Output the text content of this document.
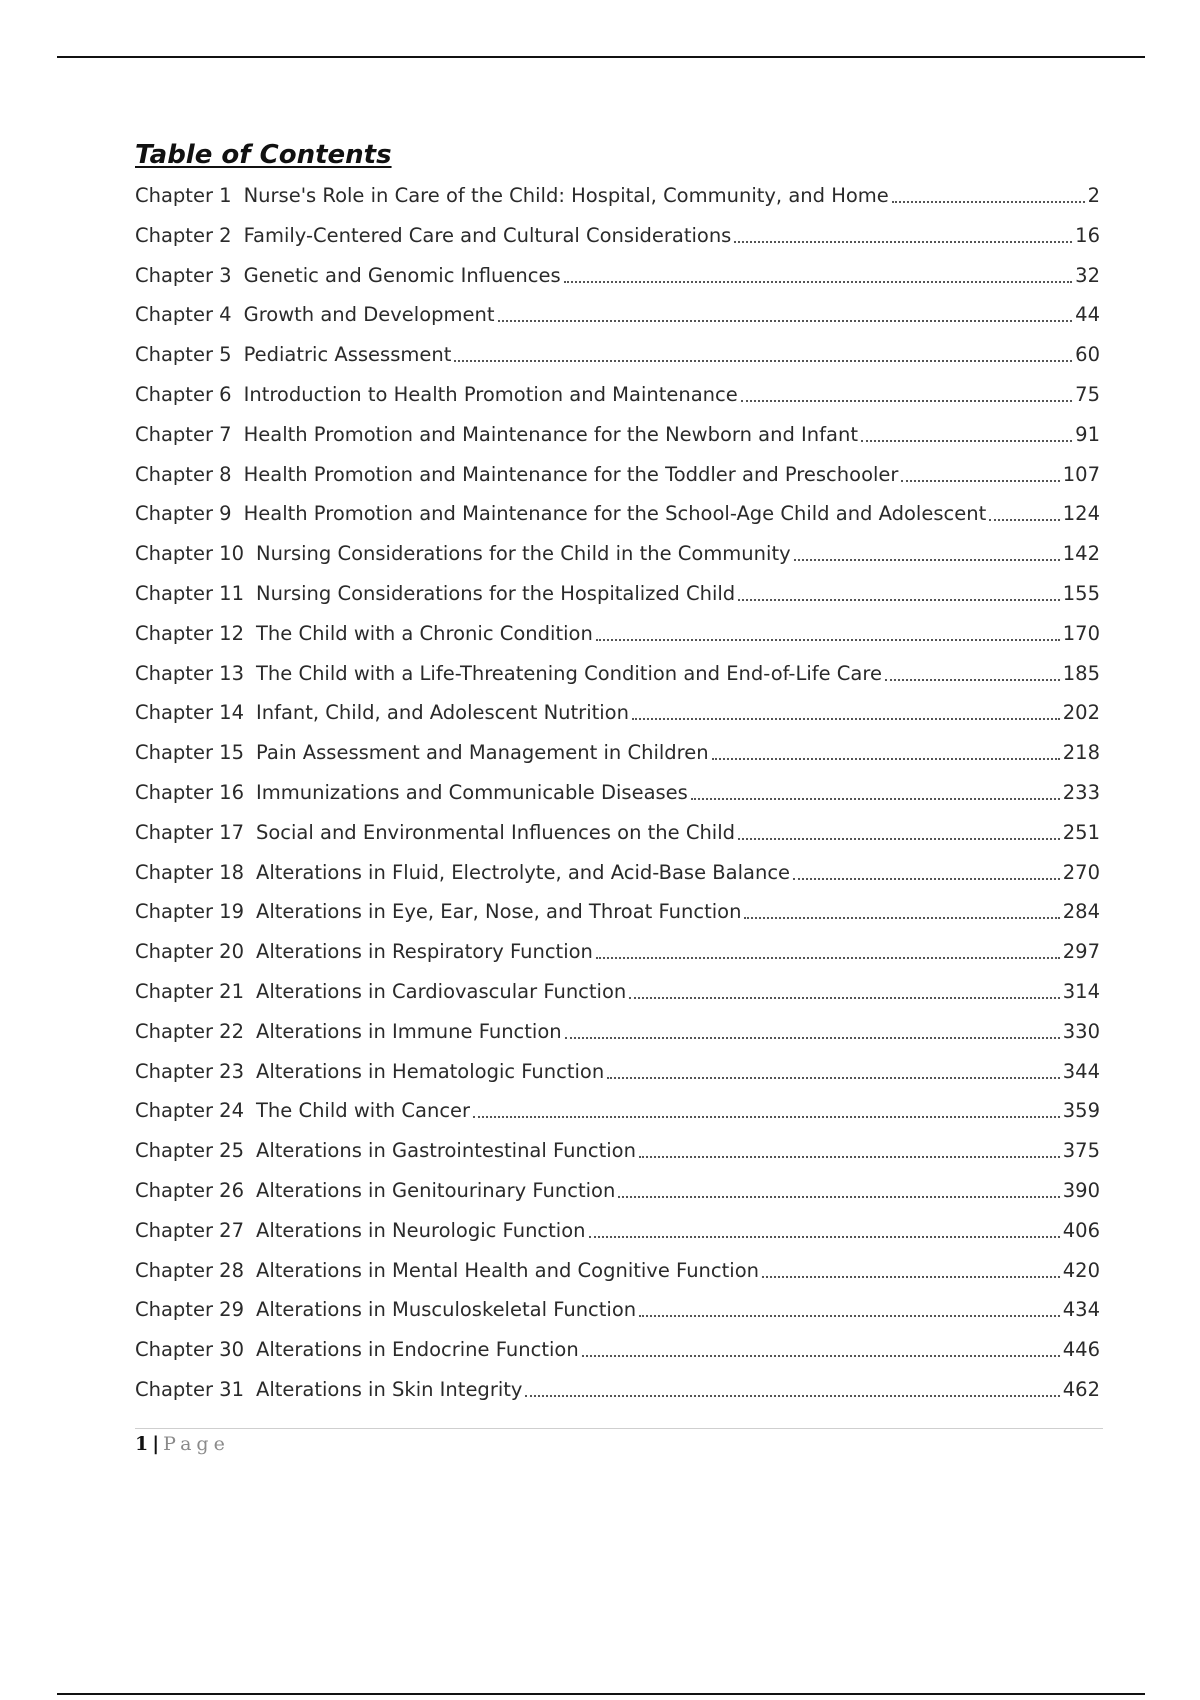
Table of Contents
Chapter 1 Nurse's Role in Care of the Child: Hospital, Community, and Home	2
Chapter 2 Family-Centered Care and Cultural Considerations	16
Chapter 3 Genetic and Genomic Influences	32
Chapter 4 Growth and Development	44
Chapter 5 Pediatric Assessment	60
Chapter 6 Introduction to Health Promotion and Maintenance	75
Chapter 7 Health Promotion and Maintenance for the Newborn and Infant	91
Chapter 8 Health Promotion and Maintenance for the Toddler and Preschooler	107
Chapter 9 Health Promotion and Maintenance for the School-Age Child and Adolescent	124
Chapter 10 Nursing Considerations for the Child in the Community	142
Chapter 11 Nursing Considerations for the Hospitalized Child	155
Chapter 12 The Child with a Chronic Condition	170
Chapter 13 The Child with a Life-Threatening Condition and End-of-Life Care	185
Chapter 14 Infant, Child, and Adolescent Nutrition	202
Chapter 15 Pain Assessment and Management in Children	218
Chapter 16 Immunizations and Communicable Diseases	233
Chapter 17 Social and Environmental Influences on the Child	251
Chapter 18 Alterations in Fluid, Electrolyte, and Acid-Base Balance	270
Chapter 19 Alterations in Eye, Ear, Nose, and Throat Function	284
Chapter 20 Alterations in Respiratory Function	297
Chapter 21 Alterations in Cardiovascular Function	314
Chapter 22 Alterations in Immune Function	330
Chapter 23 Alterations in Hematologic Function	344
Chapter 24 The Child with Cancer	359
Chapter 25 Alterations in Gastrointestinal Function	375
Chapter 26 Alterations in Genitourinary Function	390
Chapter 27 Alterations in Neurologic Function	406
Chapter 28 Alterations in Mental Health and Cognitive Function	420
Chapter 29 Alterations in Musculoskeletal Function	434
Chapter 30 Alterations in Endocrine Function	446
Chapter 31 Alterations in Skin Integrity	462
1 | Page
